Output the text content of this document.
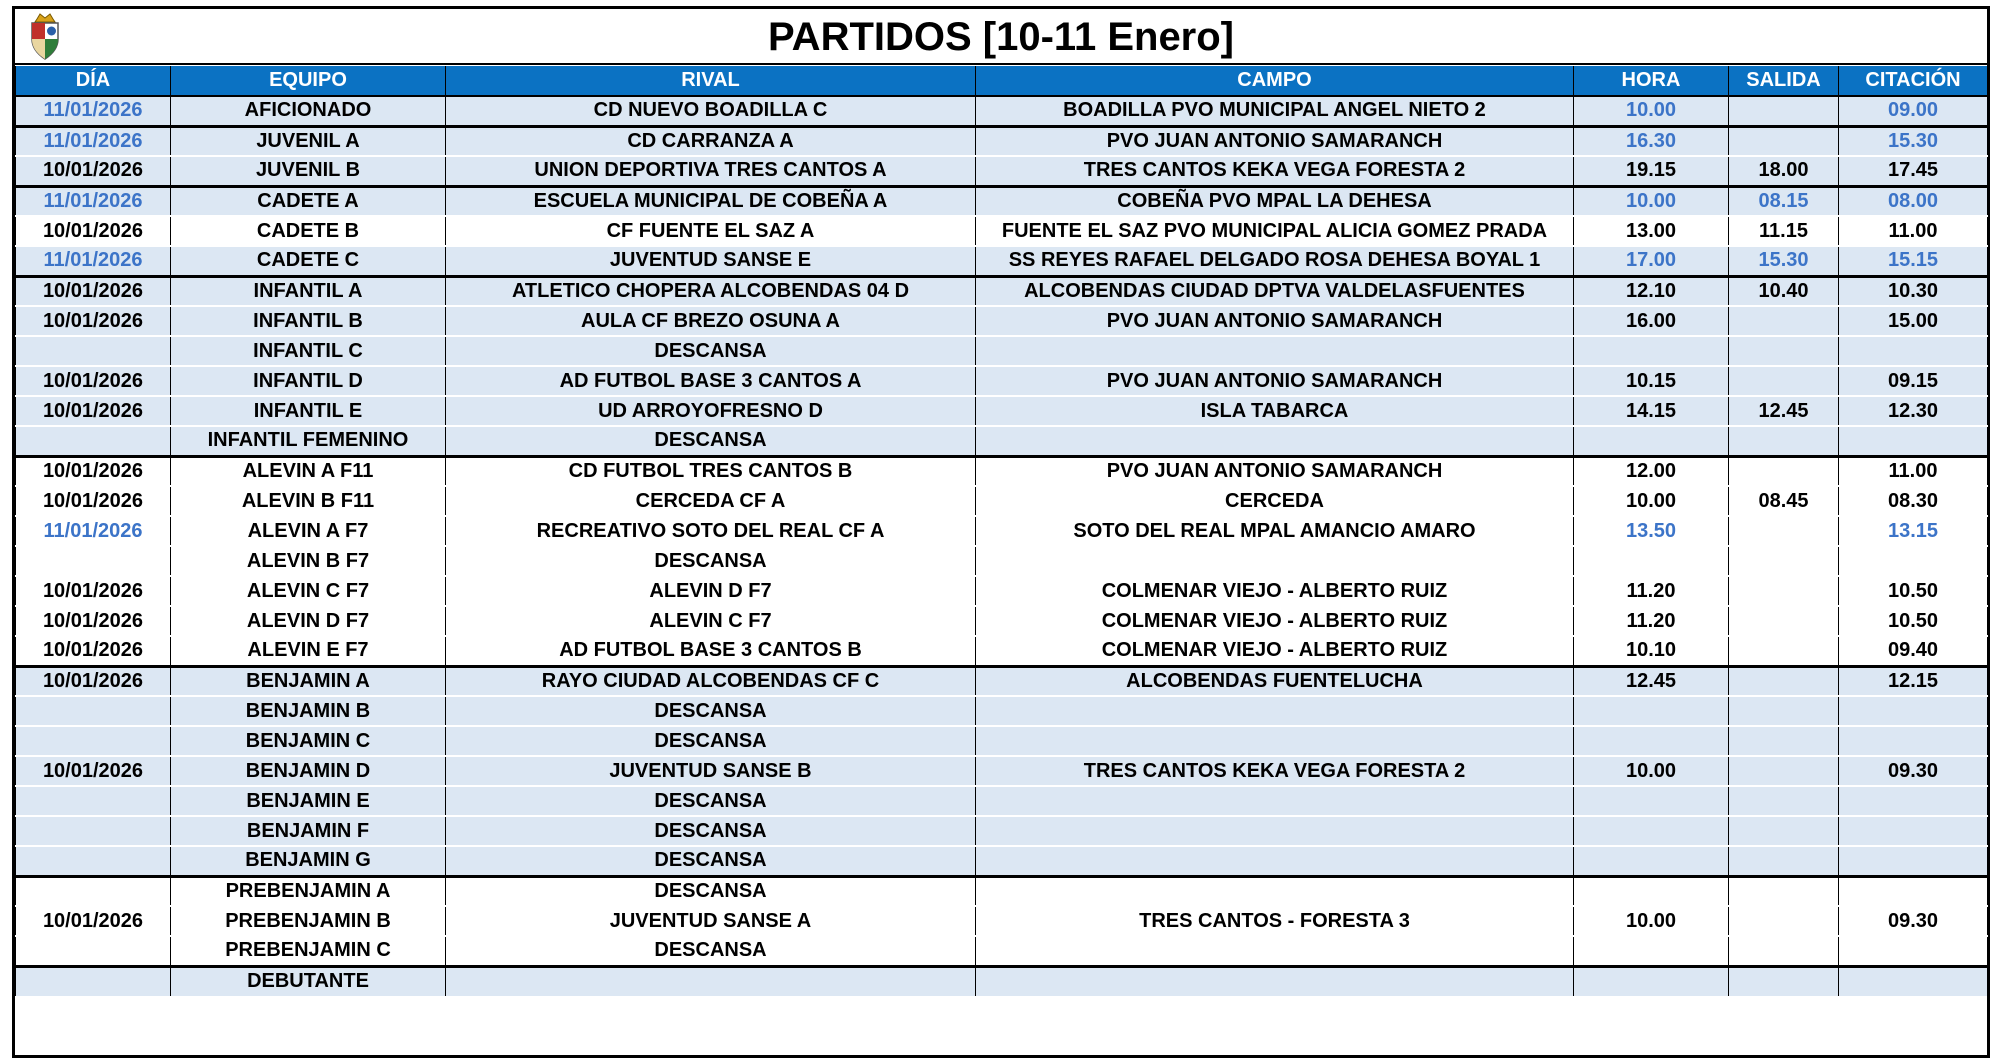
PARTIDOS [10-11 Enero]
DÍA	EQUIPO	RIVAL	CAMPO	HORA	SALIDA	CITACIÓN
11/01/2026	AFICIONADO	CD NUEVO BOADILLA C	BOADILLA PVO MUNICIPAL ANGEL NIETO 2	10.00		09.00
11/01/2026	JUVENIL A	CD CARRANZA A	PVO JUAN ANTONIO SAMARANCH	16.30		15.30
10/01/2026	JUVENIL B	UNION DEPORTIVA TRES CANTOS A	TRES CANTOS KEKA VEGA FORESTA 2	19.15	18.00	17.45
11/01/2026	CADETE A	ESCUELA MUNICIPAL DE COBEÑA A	COBEÑA PVO MPAL LA DEHESA	10.00	08.15	08.00
10/01/2026	CADETE B	CF FUENTE EL SAZ A	FUENTE EL SAZ PVO MUNICIPAL ALICIA GOMEZ PRADA	13.00	11.15	11.00
11/01/2026	CADETE C	JUVENTUD SANSE E	SS REYES RAFAEL DELGADO ROSA DEHESA BOYAL 1	17.00	15.30	15.15
10/01/2026	INFANTIL A	ATLETICO CHOPERA ALCOBENDAS 04 D	ALCOBENDAS CIUDAD DPTVA VALDELASFUENTES	12.10	10.40	10.30
10/01/2026	INFANTIL B	AULA CF BREZO OSUNA A	PVO JUAN ANTONIO SAMARANCH	16.00		15.00
	INFANTIL C	DESCANSA				
10/01/2026	INFANTIL D	AD FUTBOL BASE 3 CANTOS A	PVO JUAN ANTONIO SAMARANCH	10.15		09.15
10/01/2026	INFANTIL E	UD ARROYOFRESNO D	ISLA TABARCA	14.15	12.45	12.30
	INFANTIL FEMENINO	DESCANSA				
10/01/2026	ALEVIN A F11	CD FUTBOL TRES CANTOS B	PVO JUAN ANTONIO SAMARANCH	12.00		11.00
10/01/2026	ALEVIN B F11	CERCEDA CF A	CERCEDA	10.00	08.45	08.30
11/01/2026	ALEVIN A F7	RECREATIVO SOTO DEL REAL CF A	SOTO DEL REAL MPAL AMANCIO AMARO	13.50		13.15
	ALEVIN B F7	DESCANSA				
10/01/2026	ALEVIN C F7	ALEVIN D F7	COLMENAR VIEJO - ALBERTO RUIZ	11.20		10.50
10/01/2026	ALEVIN D F7	ALEVIN C F7	COLMENAR VIEJO - ALBERTO RUIZ	11.20		10.50
10/01/2026	ALEVIN E F7	AD FUTBOL BASE 3 CANTOS B	COLMENAR VIEJO - ALBERTO RUIZ	10.10		09.40
10/01/2026	BENJAMIN A	RAYO CIUDAD ALCOBENDAS CF C	ALCOBENDAS FUENTELUCHA	12.45		12.15
	BENJAMIN B	DESCANSA				
	BENJAMIN C	DESCANSA				
10/01/2026	BENJAMIN D	JUVENTUD SANSE B	TRES CANTOS KEKA VEGA FORESTA 2	10.00		09.30
	BENJAMIN E	DESCANSA				
	BENJAMIN F	DESCANSA				
	BENJAMIN G	DESCANSA				
	PREBENJAMIN A	DESCANSA				
10/01/2026	PREBENJAMIN B	JUVENTUD SANSE A	TRES CANTOS - FORESTA 3	10.00		09.30
	PREBENJAMIN C	DESCANSA				
	DEBUTANTE					
